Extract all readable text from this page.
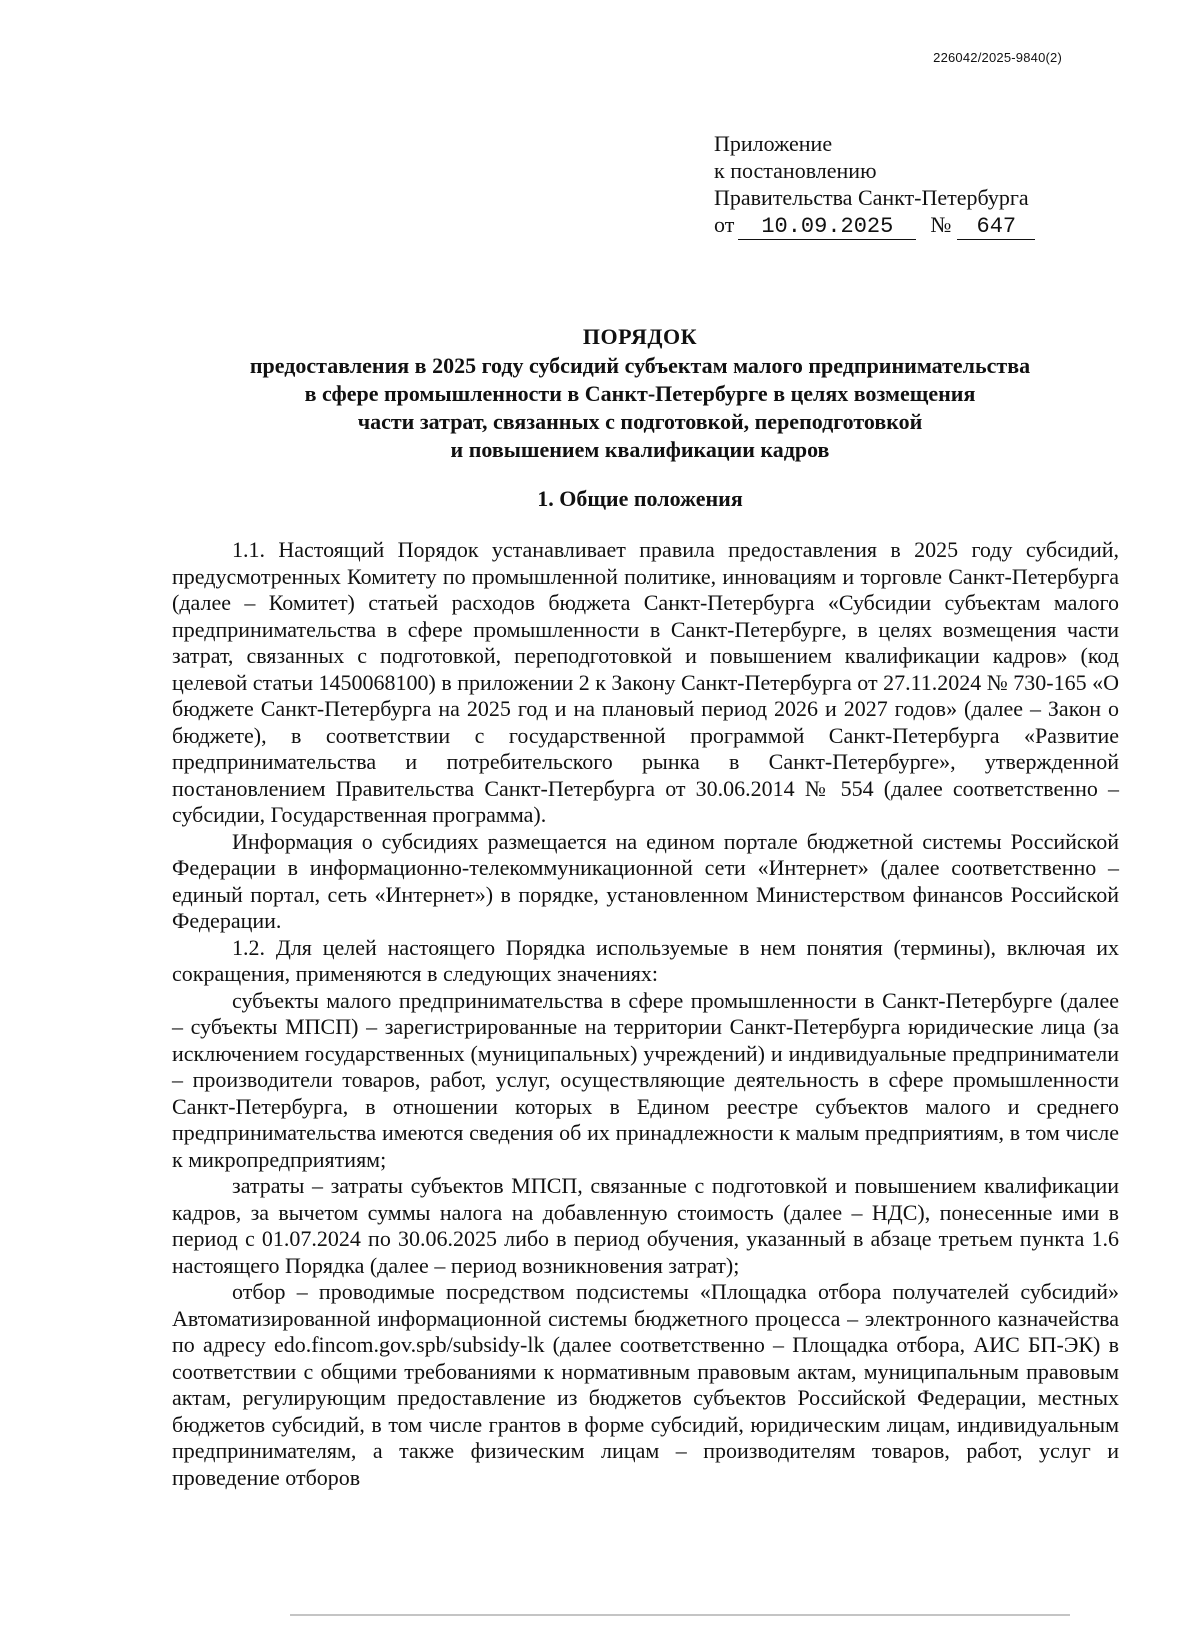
226042/2025-9840(2)
Приложение
к постановлению
Правительства Санкт-Петербурга
от 10.09.2025 № 647
ПОРЯДОК
предоставления в 2025 году субсидий субъектам малого предпринимательства
в сфере промышленности в Санкт-Петербурге в целях возмещения
части затрат, связанных с подготовкой, переподготовкой
и повышением квалификации кадров
1. Общие положения

1.1. Настоящий Порядок устанавливает правила предоставления в 2025 году субсидий, предусмотренных Комитету по промышленной политике, инновациям и торговле Санкт-Петербурга (далее – Комитет) статьей расходов бюджета Санкт-Петербурга «Субсидии субъектам малого предпринимательства в сфере промышленности в Санкт-Петербурге, в целях возмещения части затрат, связанных с подготовкой, переподготовкой и повышением квалификации кадров» (код целевой статьи 1450068100) в приложении 2 к Закону Санкт-Петербурга от 27.11.2024 № 730-165 «О бюджете Санкт-Петербурга на 2025 год и на плановый период 2026 и 2027 годов» (далее – Закон о бюджете), в соответствии с государственной программой Санкт-Петербурга «Развитие предпринимательства и потребительского рынка в Санкт-Петербурге», утвержденной постановлением Правительства Санкт-Петербурга от 30.06.2014 № 554 (далее соответственно – субсидии, Государственная программа).

Информация о субсидиях размещается на едином портале бюджетной системы Российской Федерации в информационно-телекоммуникационной сети «Интернет» (далее соответственно – единый портал, сеть «Интернет») в порядке, установленном Министерством финансов Российской Федерации.

1.2. Для целей настоящего Порядка используемые в нем понятия (термины), включая их сокращения, применяются в следующих значениях:

субъекты малого предпринимательства в сфере промышленности в Санкт-Петербурге (далее – субъекты МПСП) – зарегистрированные на территории Санкт-Петербурга юридические лица (за исключением государственных (муниципальных) учреждений) и индивидуальные предприниматели – производители товаров, работ, услуг, осуществляющие деятельность в сфере промышленности Санкт-Петербурга, в отношении которых в Едином реестре субъектов малого и среднего предпринимательства имеются сведения об их принадлежности к малым предприятиям, в том числе к микропредприятиям;

затраты – затраты субъектов МПСП, связанные с подготовкой и повышением квалификации кадров, за вычетом суммы налога на добавленную стоимость (далее – НДС), понесенные ими в период с 01.07.2024 по 30.06.2025 либо в период обучения, указанный в абзаце третьем пункта 1.6 настоящего Порядка (далее – период возникновения затрат);

отбор – проводимые посредством подсистемы «Площадка отбора получателей субсидий» Автоматизированной информационной системы бюджетного процесса – электронного казначейства по адресу edo.fincom.gov.spb/subsidy-lk (далее соответственно – Площадка отбора, АИС БП-ЭК) в соответствии с общими требованиями к нормативным правовым актам, муниципальным правовым актам, регулирующим предоставление из бюджетов субъектов Российской Федерации, местных бюджетов субсидий, в том числе грантов в форме субсидий, юридическим лицам, индивидуальным предпринимателям, а также физическим лицам – производителям товаров, работ, услуг и проведение отборов
